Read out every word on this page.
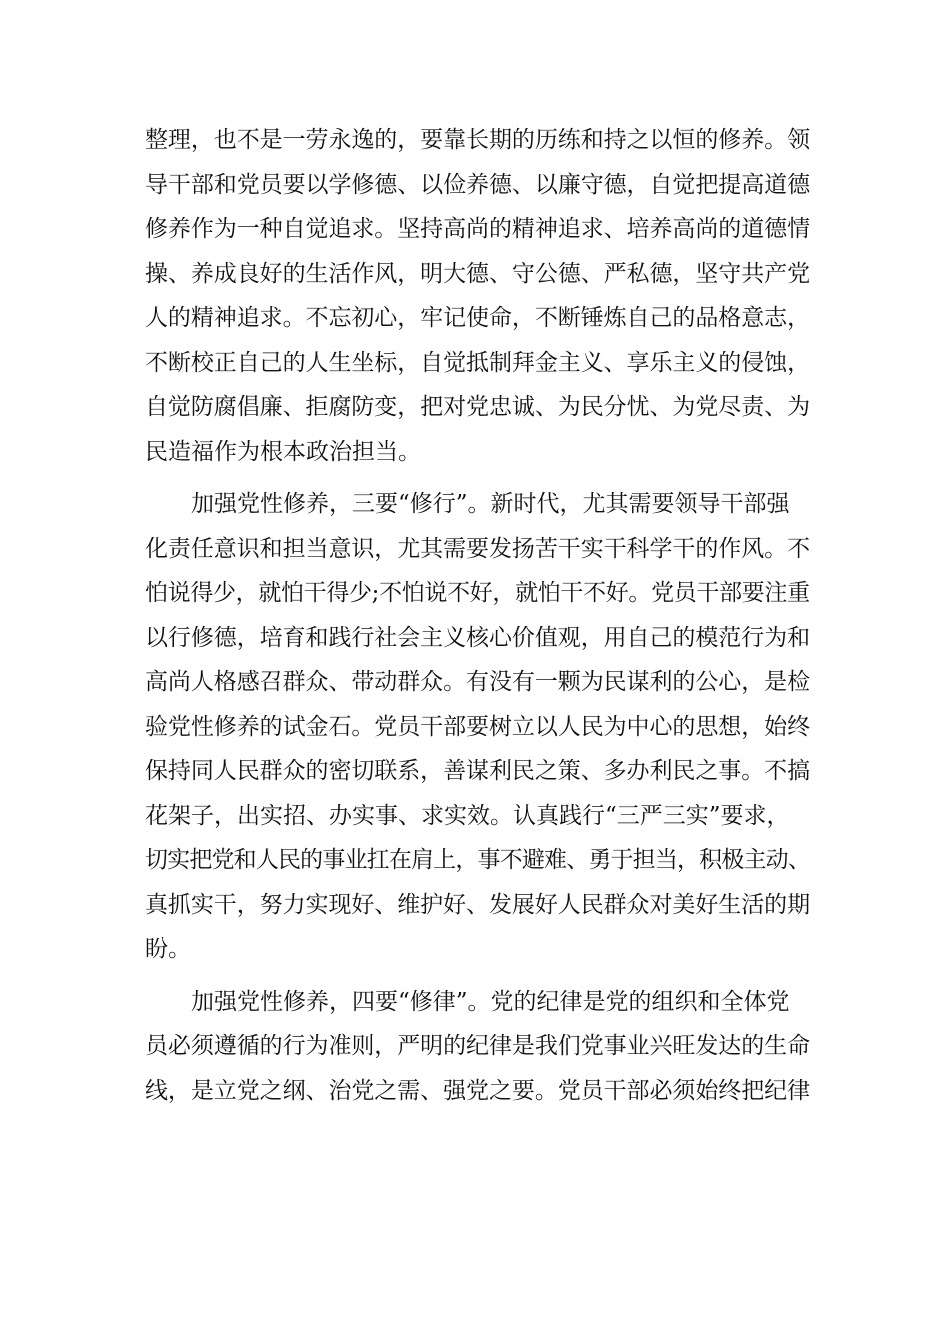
整理，也不是一劳永逸的，要靠长期的历练和持之以恒的修养。领
导干部和党员要以学修德、以俭养德、以廉守德，自觉把提高道德
修养作为一种自觉追求。坚持高尚的精神追求、培养高尚的道德情
操、养成良好的生活作风，明大德、守公德、严私德，坚守共产党
人的精神追求。不忘初心，牢记使命，不断锤炼自己的品格意志，
不断校正自己的人生坐标，自觉抵制拜金主义、享乐主义的侵蚀，
自觉防腐倡廉、拒腐防变，把对党忠诚、为民分忧、为党尽责、为
民造福作为根本政治担当。
加强党性修养，三要“修行”。新时代，尤其需要领导干部强
化责任意识和担当意识，尤其需要发扬苦干实干科学干的作风。不
怕说得少，就怕干得少;不怕说不好，就怕干不好。党员干部要注重
以行修德，培育和践行社会主义核心价值观，用自己的模范行为和
高尚人格感召群众、带动群众。有没有一颗为民谋利的公心，是检
验党性修养的试金石。党员干部要树立以人民为中心的思想，始终
保持同人民群众的密切联系，善谋利民之策、多办利民之事。不搞
花架子，出实招、办实事、求实效。认真践行“三严三实”要求，
切实把党和人民的事业扛在肩上，事不避难、勇于担当，积极主动、
真抓实干，努力实现好、维护好、发展好人民群众对美好生活的期
盼。
加强党性修养，四要“修律”。党的纪律是党的组织和全体党
员必须遵循的行为准则，严明的纪律是我们党事业兴旺发达的生命
线，是立党之纲、治党之需、强党之要。党员干部必须始终把纪律
